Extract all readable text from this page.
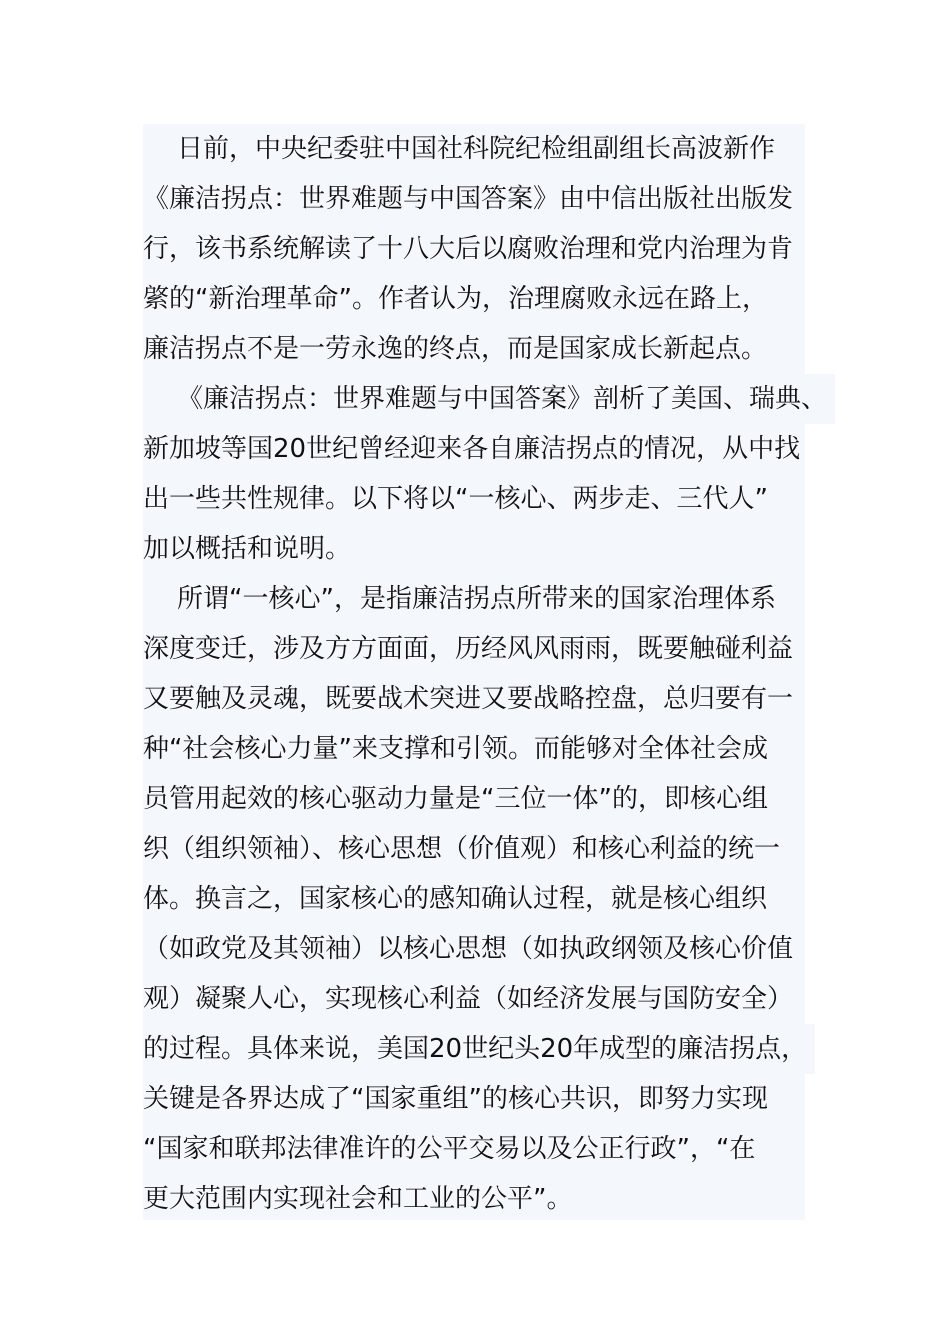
日前，中央纪委驻中国社科院纪检组副组长高波新作
《廉洁拐点：世界难题与中国答案》由中信出版社出版发
行，该书系统解读了十八大后以腐败治理和党内治理为肯
綮的“新治理革命”。作者认为，治理腐败永远在路上，
廉洁拐点不是一劳永逸的终点，而是国家成长新起点。
《廉洁拐点：世界难题与中国答案》剖析了美国、瑞典、
新加坡等国20世纪曾经迎来各自廉洁拐点的情况，从中找
出一些共性规律。以下将以“一核心、两步走、三代人”
加以概括和说明。
所谓“一核心”，是指廉洁拐点所带来的国家治理体系
深度变迁，涉及方方面面，历经风风雨雨，既要触碰利益
又要触及灵魂，既要战术突进又要战略控盘，总归要有一
种“社会核心力量”来支撑和引领。而能够对全体社会成
员管用起效的核心驱动力量是“三位一体”的，即核心组
织（组织领袖）、核心思想（价值观）和核心利益的统一
体。换言之，国家核心的感知确认过程，就是核心组织
（如政党及其领袖）以核心思想（如执政纲领及核心价值
观）凝聚人心，实现核心利益（如经济发展与国防安全）
的过程。具体来说，美国20世纪头20年成型的廉洁拐点，
关键是各界达成了“国家重组”的核心共识，即努力实现
“国家和联邦法律准许的公平交易以及公正行政”，“在
更大范围内实现社会和工业的公平”。
